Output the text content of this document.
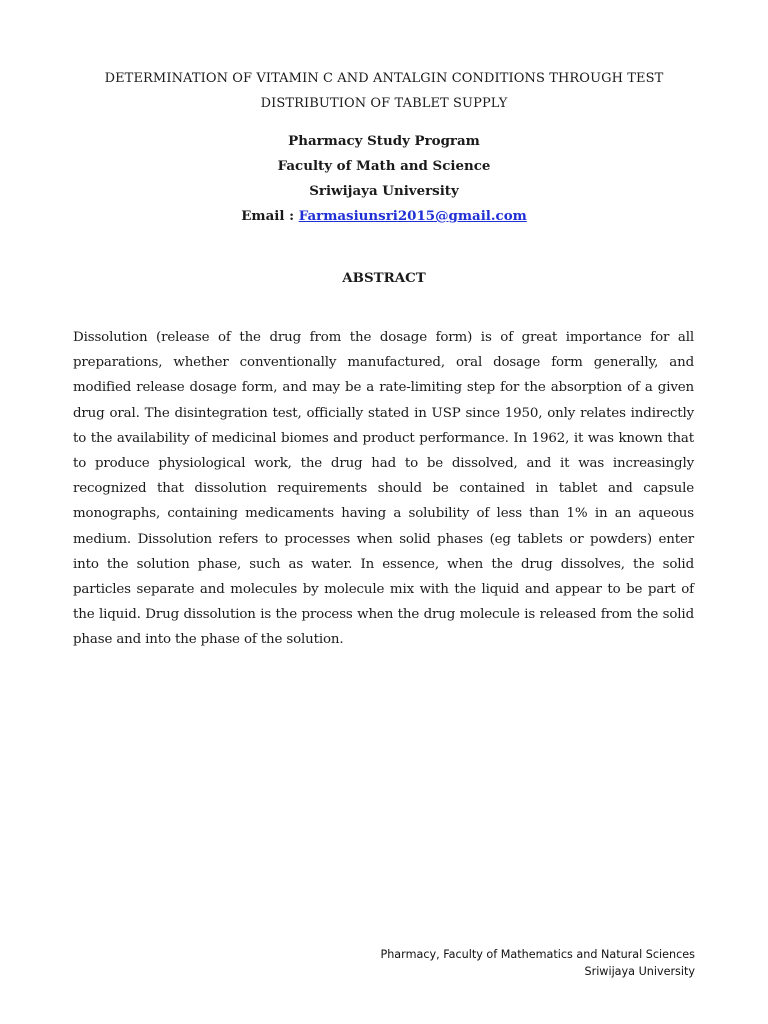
DETERMINATION OF VITAMIN C AND ANTALGIN CONDITIONS THROUGH TEST
DISTRIBUTION OF TABLET SUPPLY
Pharmacy Study Program
Faculty of Math and Science
Sriwijaya University
Email : Farmasiunsri2015@gmail.com
ABSTRACT
Dissolution (release of the drug from the dosage form) is of great importance for all preparations, whether conventionally manufactured, oral dosage form generally, and modified release dosage form, and may be a rate-limiting step for the absorption of a given drug oral. The disintegration test, officially stated in USP since 1950, only relates indirectly to the availability of medicinal biomes and product performance. In 1962, it was known that to produce physiological work, the drug had to be dissolved, and it was increasingly recognized that dissolution requirements should be contained in tablet and capsule monographs, containing medicaments having a solubility of less than 1% in an aqueous medium. Dissolution refers to processes when solid phases (eg tablets or powders) enter into the solution phase, such as water. In essence, when the drug dissolves, the solid particles separate and molecules by molecule mix with the liquid and appear to be part of the liquid. Drug dissolution is the process when the drug molecule is released from the solid phase and into the phase of the solution.
Pharmacy, Faculty of Mathematics and Natural Sciences
Sriwijaya University
